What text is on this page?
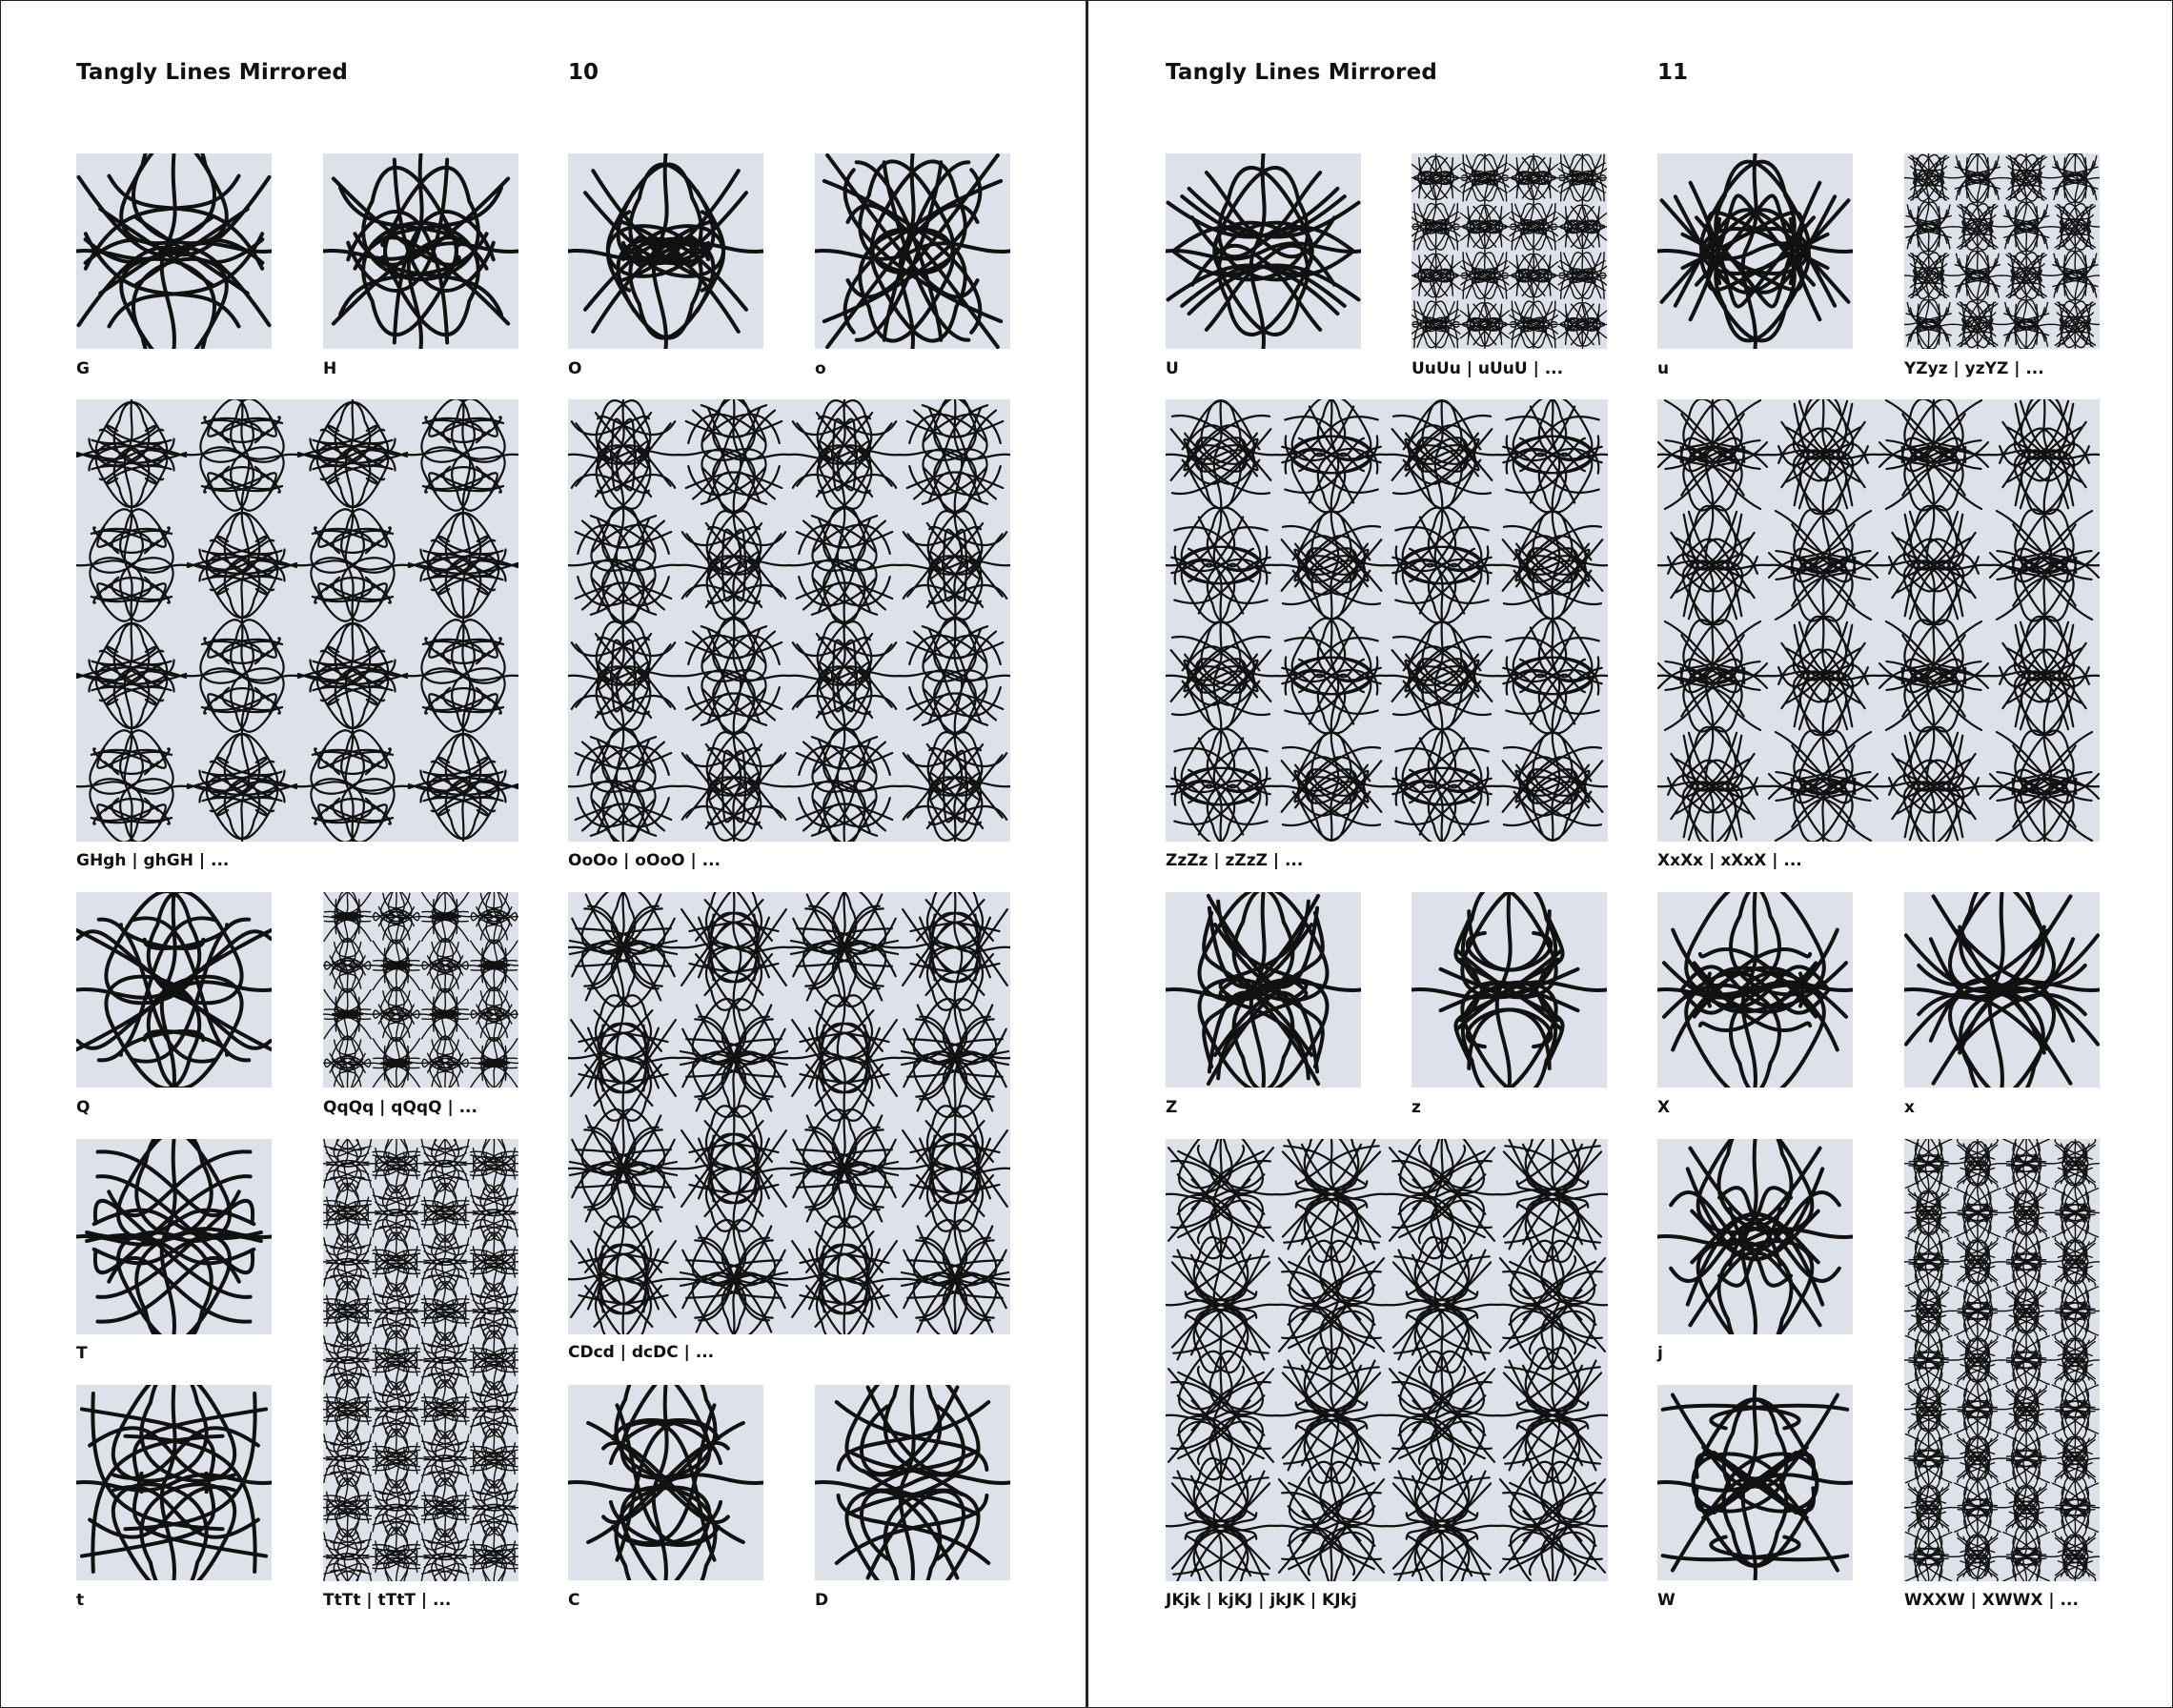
Tangly Lines Mirrored	10
G	H	O	o
GHgh | ghGH | ...	OoOo | oOoO | ...
Q	QqQq | qQqQ | ...
CDcd | dcDC | ...
T
TtTt | tTtT | ...
t	C	D
Tangly Lines Mirrored	11
U	UuUu | uUuU | ...	u	YZyz | yzYZ | ...
ZzZz | zZzZ | ...	XxXx | xXxX | ...
Z	z	X	x
JKjk | kjKJ | jkJK | KJkj
j
WXXW | XWWX | ...
W
